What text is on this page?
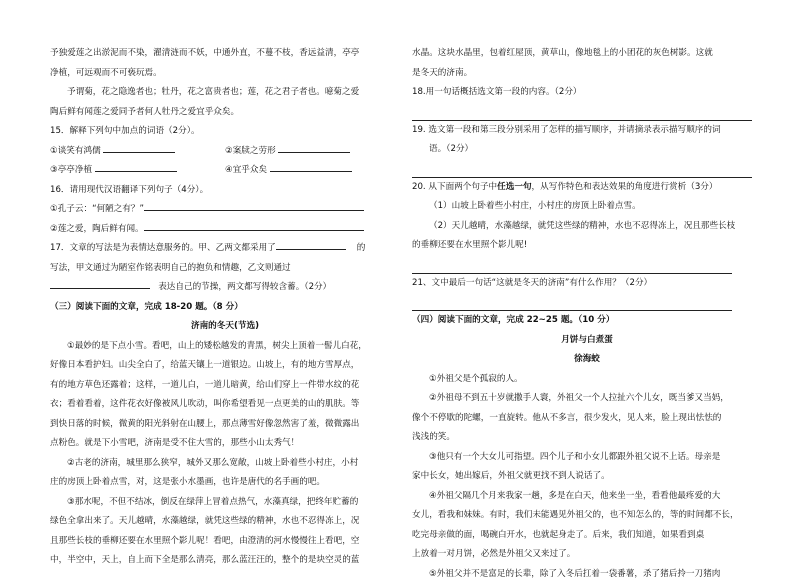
予独爱莲之出淤泥而不染，濯清涟而不妖，中通外直，不蔓不枝，香远益清，亭亭

净植，可远观而不可亵玩焉。

予谓菊，花之隐逸者也；牡丹，花之富贵者也；莲，花之君子者也。噫菊之爱

陶后鲜有闻莲之爱同予者何人牡丹之爱宜乎众矣。

15．解释下列句中加点的词语（2分）。

①谈笑有鸿儒	②案牍之劳形

③亭亭净植	④宜乎众矣

16．请用现代汉语翻译下列句子（4分）。

①孔子云：“何陋之有？”

②莲之爱，陶后鲜有闻。

17．文章的写法是为表情达意服务的。甲、乙两文都采用了	的

写法，甲文通过为陋室作铭表明自己的抱负和情趣，乙文则通过

表达自己的节操，两文都写得较含蓄。（2分）

（三）阅读下面的文章，完成 18-20 题。（8 分）

济南的冬天(节选)

①最妙的是下点小雪。看吧，山上的矮松越发的青黑，树尖上顶着一髻儿白花，

好像日本看护妇。山尖全白了，给蓝天镶上一道银边。山坡上，有的地方雪厚点，

有的地方草色还露着；这样，一道儿白，一道儿暗黄，给山们穿上一件带水纹的花

衣；看着看着，这件花衣好像被风儿吹动，叫你希望看见一点更美的山的肌肤。等

到快日落的时候，微黄的阳光斜射在山腰上，那点薄雪好像忽然害了羞，微微露出

点粉色。就是下小雪吧，济南是受不住大雪的，那些小山太秀气！

②古老的济南，城里那么狭窄，城外又那么宽敞，山坡上卧着些小村庄，小村

庄的房顶上卧着点雪，对，这是张小水墨画，也许是唐代的名手画的吧。

③那水呢，不但不结冰，倒反在绿萍上冒着点热气，水藻真绿，把终年贮蓄的

绿色全拿出来了。天儿越晴，水藻越绿，就凭这些绿的精神，水也不忍得冻上，况

且那些长枝的垂柳还要在水里照个影儿呢！看吧，由澄清的河水慢慢往上看吧，空

中，半空中，天上，自上而下全是那么清亮，那么蓝汪汪的，整个的是块空灵的蓝

水晶。这块水晶里，包着红屋顶，黄草山，像地毯上的小团花的灰色树影。这就

是冬天的济南。

18.用一句话概括选文第一段的内容。（2分）

19. 选文第一段和第三段分别采用了怎样的描写顺序，并请摘录表示描写顺序的词

语。（2分）

20. 从下面两个句子中任选一句，从写作特色和表达效果的角度进行赏析（3分）

（1）山坡上卧着些小村庄，小村庄的房顶上卧着点雪。

（2）天儿越晴，水藻越绿，就凭这些绿的精神，水也不忍得冻上，况且那些长枝

的垂柳还要在水里照个影儿呢!

21、文中最后一句话“这就是冬天的济南”有什么作用？（2分）

（四）阅读下面的文章，完成 22~25 题。（10 分）

月饼与白煮蛋

徐海蛟

①外祖父是个孤寂的人。

②外祖母不到五十岁就撒手人寰，外祖父一个人拉扯六个儿女，既当爹又当妈，

像个不停歇的陀螺，一直旋转。他从不多言，很少发火，见人来，脸上现出怯怯的

浅浅的笑。

③他只有一个大女儿可指望。四个儿子和小女儿都跟外祖父说不上话。母亲是

家中长女，她出嫁后，外祖父就更找不到人说话了。

④外祖父隔几个月来我家一趟，多是在白天，他来坐一坐，看看他最疼爱的大

女儿，看我和妹妹。有时，我们未能遇见外祖父的，也不知怎么的，等的时间都不长，

吃完母亲做的面，喝碗白开水，也就起身走了。后来，我们知道，如果看到桌

上放着一对月饼，必然是外祖父又来过了。

⑤外祖父并不是富足的长辈，除了入冬后扛着一袋番薯，杀了猪后拎一刀猪肉
